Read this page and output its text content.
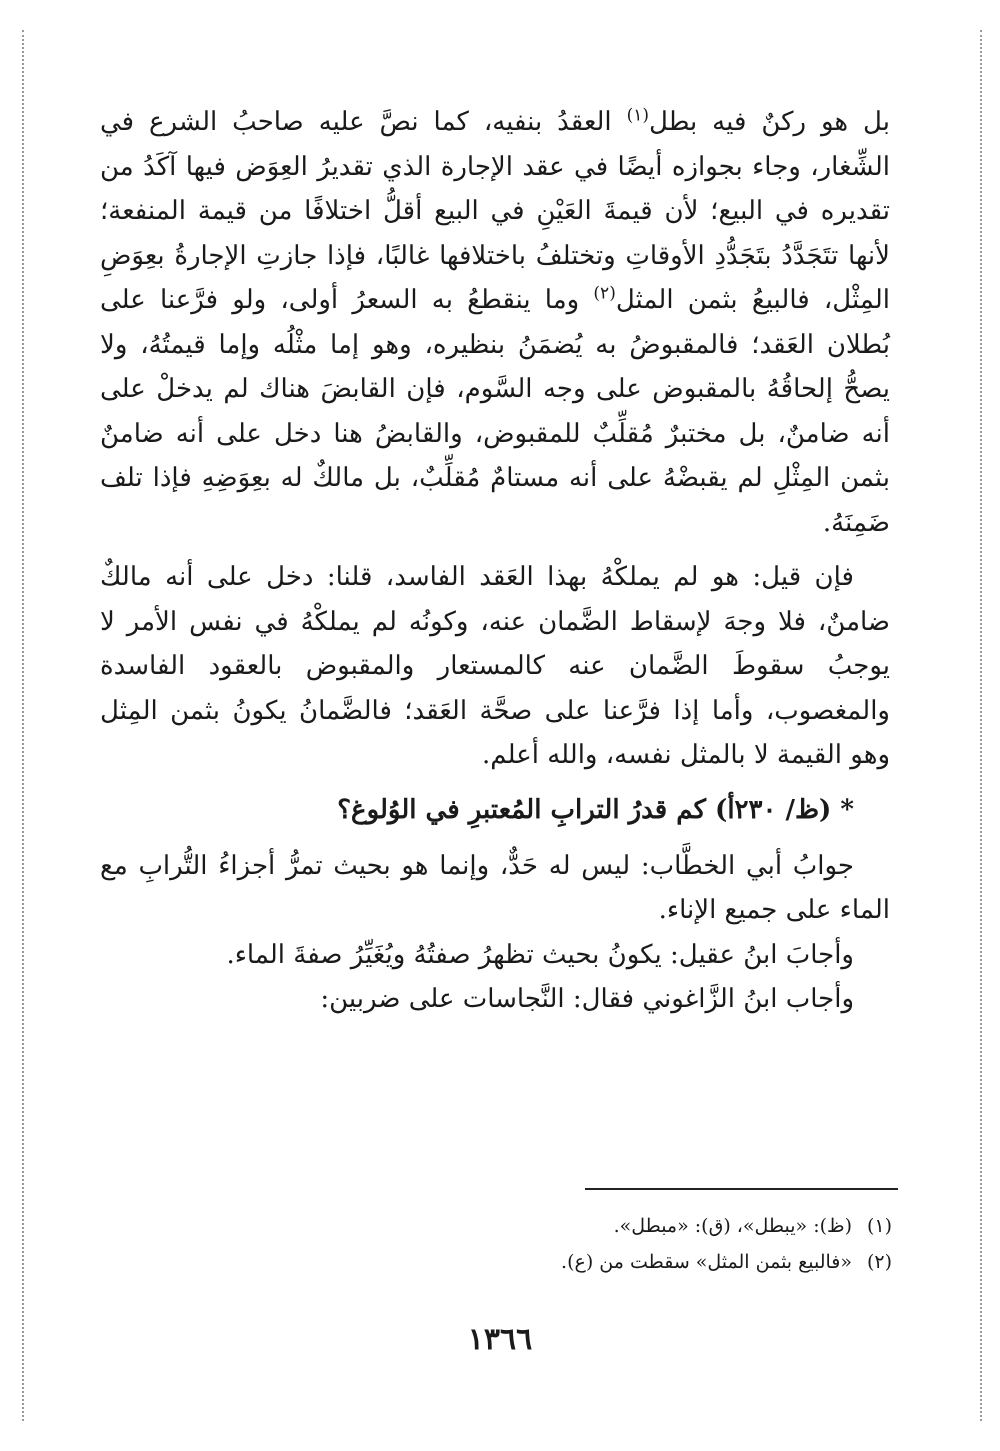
بل هو ركنٌ فيه بطل$^{(١)}$ العقدُ بنفيه، كما نصَّ عليه صاحبُ الشرع في الشِّغار، وجاء بجوازه أيضًا في عقد الإجارة الذي تقديرُ العِوَض فيها آكَدُ من تقديره في البيع؛ لأن قيمةَ العَيْنِ في البيع أقلُّ اختلافًا من قيمة المنفعة؛ لأنها تتَجَدَّدُ بتَجَدُّدِ الأوقاتِ وتختلفُ باختلافها غالبًا، فإذا جازتِ الإجارةُ بعِوَضِ المِثْل، فالبيعُ بثمن المثل$^{(٢)}$ وما ينقطعُ به السعرُ أولى، ولو فرَّعنا على بُطلان العَقد؛ فالمقبوضُ به يُضمَنُ بنظيره، وهو إما مثْلُه وإما قيمتُهُ، ولا يصحُّ إلحاقُهُ بالمقبوض على وجه السَّوم، فإن القابضَ هناك لم يدخلْ على أنه ضامنٌ، بل مختبرٌ مُقلِّبٌ للمقبوض، والقابضُ هنا دخل على أنه ضامنٌ بثمن المِثْلِ لم يقبضْهُ على أنه مستامٌ مُقلِّبٌ، بل مالكٌ له بعِوَضِهِ فإذا تلف ضَمِنَهُ.

فإن قيل: هو لم يملكْهُ بهذا العَقد الفاسد، قلنا: دخل على أنه مالكٌ ضامنٌ، فلا وجهَ لإسقاط الضَّمان عنه، وكونُه لم يملكْهُ في نفس الأمر لا يوجبُ سقوطَ الضَّمان عنه كالمستعار والمقبوض بالعقود الفاسدة والمغصوب، وأما إذا فرَّعنا على صحَّة العَقد؛ فالضَّمانُ يكونُ بثمن المِثل وهو القيمة لا بالمثل نفسه، والله أعلم.

* (ظ/ ٢٣٠أ) كم قدرُ الترابِ المُعتبرِ في الوُلوغ؟

جوابُ أبي الخطَّاب: ليس له حَدٌّ، وإنما هو بحيث تمرُّ أجزاءُ التُّرابِ مع الماء على جميع الإناء.

وأجابَ ابنُ عقيل: يكونُ بحيث تظهرُ صفتُهُ ويُغَيِّرُ صفةَ الماء.

وأجاب ابنُ الزَّاغوني فقال: النَّجاسات على ضربين:

(١)(ظ): «يبطل»، (ق): «مبطل».
(٢)«فالبيع بثمن المثل» سقطت من (ع).
١٣٦٦
